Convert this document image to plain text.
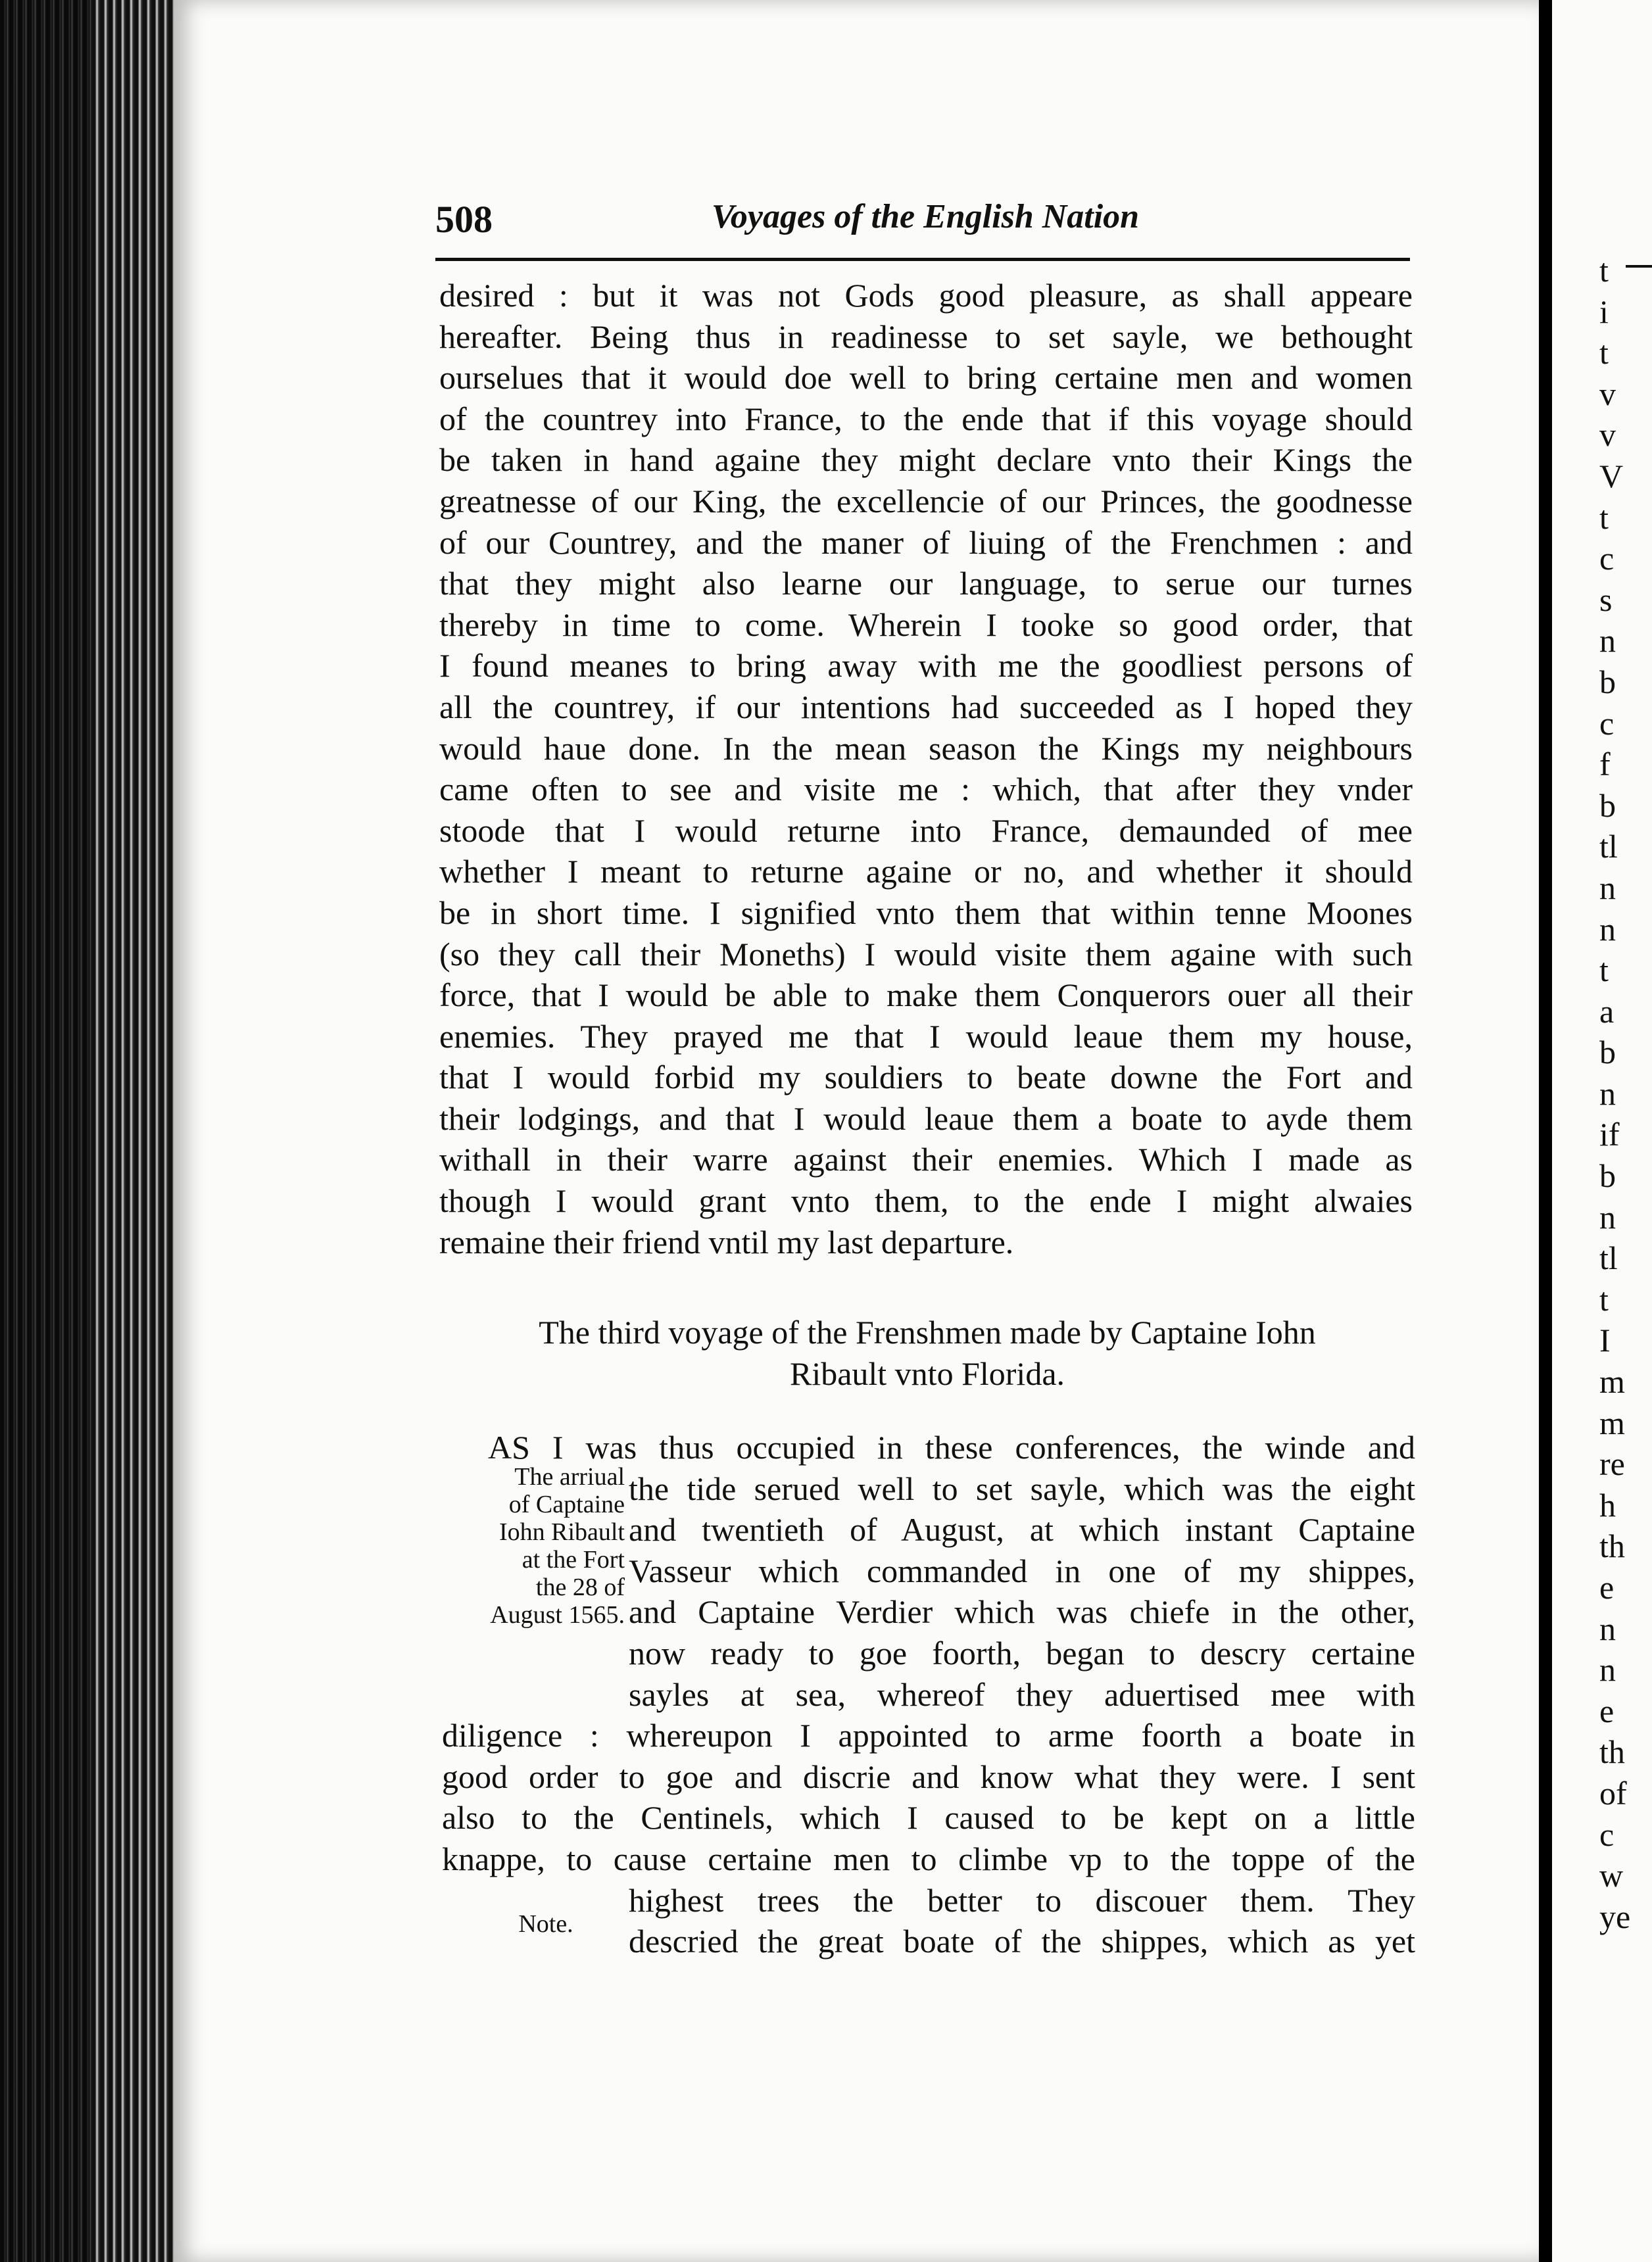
t
i
t
v
v
V
t
c
s
n
b
c
f
b
tl
n
n
t
a
b
n
if
b
n
tl
t
I
m
m
re
h
th
e
n
n
e
th
of
c
w
ye
508	Voyages of the English Nation
desired : but it was not Gods good pleasure, as shall appeare
hereafter. Being thus in readinesse to set sayle, we bethought
ourselues that it would doe well to bring certaine men and women
of the countrey into France, to the ende that if this voyage should
be taken in hand againe they might declare vnto their Kings the
greatnesse of our King, the excellencie of our Princes, the goodnesse
of our Countrey, and the maner of liuing of the Frenchmen : and
that they might also learne our language, to serue our turnes
thereby in time to come. Wherein I tooke so good order, that
I found meanes to bring away with me the goodliest persons of
all the countrey, if our intentions had succeeded as I hoped they
would haue done. In the mean season the Kings my neighbours
came often to see and visite me : which, that after they vnder
stoode that I would returne into France, demaunded of mee
whether I meant to returne againe or no, and whether it should
be in short time. I signified vnto them that within tenne Moones
(so they call their Moneths) I would visite them againe with such
force, that I would be able to make them Conquerors ouer all their
enemies. They prayed me that I would leaue them my house,
that I would forbid my souldiers to beate downe the Fort and
their lodgings, and that I would leaue them a boate to ayde them
withall in their warre against their enemies. Which I made as
though I would grant vnto them, to the ende I might alwaies
remaine their friend vntil my last departure.
The third voyage of the Frenshmen made by Captaine Iohn
Ribault vnto Florida.
AS I was thus occupied in these conferences, the winde and
the tide serued well to set sayle, which was the eight
and twentieth of August, at which instant Captaine
Vasseur which commanded in one of my shippes,
and Captaine Verdier which was chiefe in the other,
now ready to goe foorth, began to descry certaine
sayles at sea, whereof they aduertised mee with
diligence : whereupon I appointed to arme foorth a boate in
good order to goe and discrie and know what they were. I sent
also to the Centinels, which I caused to be kept on a little
knappe, to cause certaine men to climbe vp to the toppe of the
highest trees the better to discouer them. They
descried the great boate of the shippes, which as yet
The arriual
of Captaine
Iohn Ribault
at the Fort
the 28 of
August 1565.
Note.
